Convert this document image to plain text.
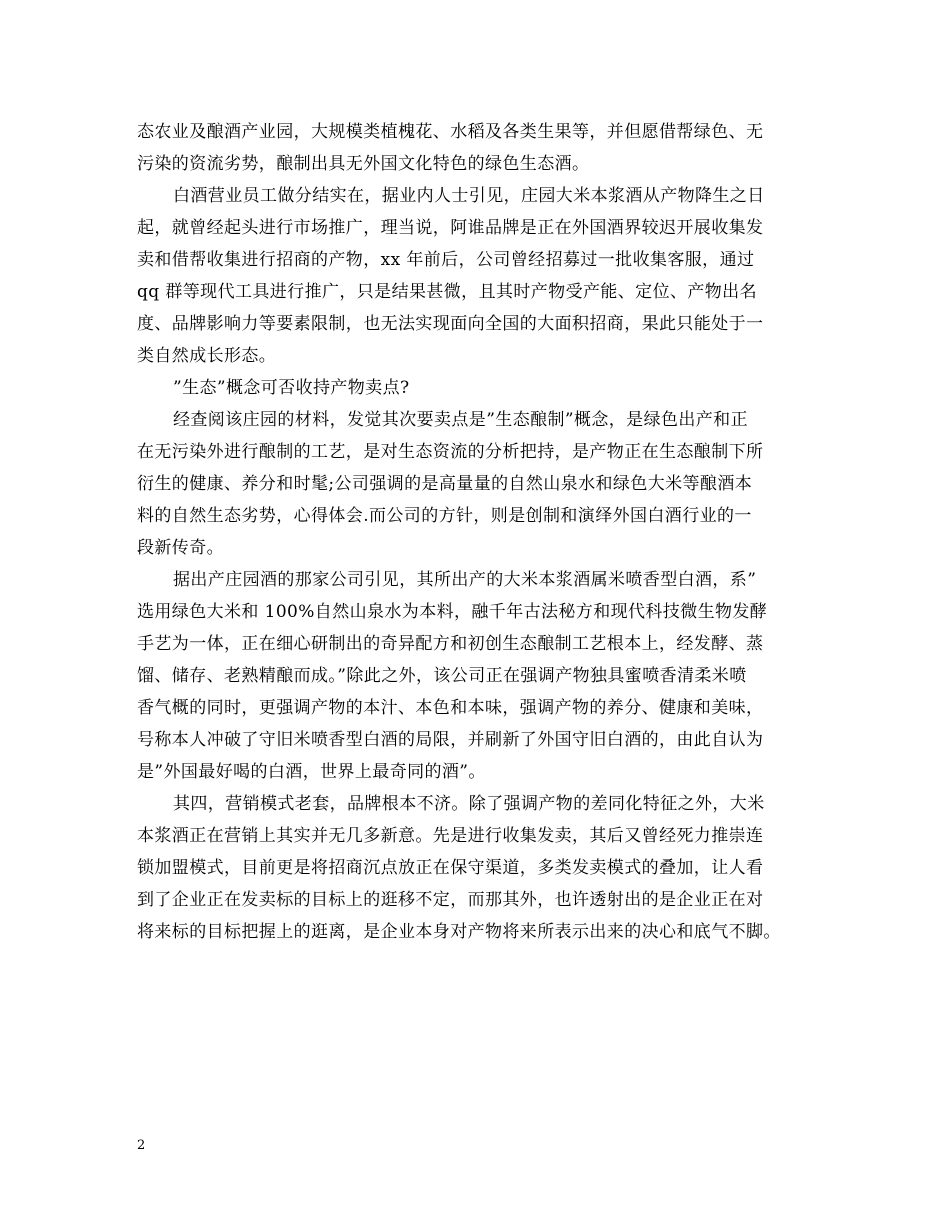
态农业及酿酒产业园，大规模类植槐花、水稻及各类生果等，并但愿借帮绿色、无
污染的资流劣势，酿制出具无外国文化特色的绿色生态酒。
白酒营业员工做分结实在，据业内人士引见，庄园大米本浆酒从产物降生之日
起，就曾经起头进行市场推广，理当说，阿谁品牌是正在外国酒界较迟开展收集发
卖和借帮收集进行招商的产物，xx 年前后，公司曾经招募过一批收集客服，通过
qq 群等现代工具进行推广，只是结果甚微，且其时产物受产能、定位、产物出名
度、品牌影响力等要素限制，也无法实现面向全国的大面积招商，果此只能处于一
类自然成长形态。
”生态”概念可否收持产物卖点?
经查阅该庄园的材料，发觉其次要卖点是”生态酿制”概念，是绿色出产和正
在无污染外进行酿制的工艺，是对生态资流的分析把持，是产物正在生态酿制下所
衍生的健康、养分和时髦;公司强调的是高量量的自然山泉水和绿色大米等酿酒本
料的自然生态劣势，心得体会.而公司的方针，则是创制和演绎外国白酒行业的一
段新传奇。
据出产庄园酒的那家公司引见，其所出产的大米本浆酒属米喷香型白酒，系”
选用绿色大米和 100%自然山泉水为本料，融千年古法秘方和现代科技微生物发酵
手艺为一体，正在细心研制出的奇异配方和初创生态酿制工艺根本上，经发酵、蒸
馏、储存、老熟精酿而成。”除此之外，该公司正在强调产物独具蜜喷香清柔米喷
香气概的同时，更强调产物的本汁、本色和本味，强调产物的养分、健康和美味，
号称本人冲破了守旧米喷香型白酒的局限，并刷新了外国守旧白酒的，由此自认为
是”外国最好喝的白酒，世界上最奇同的酒”。
其四，营销模式老套，品牌根本不济。除了强调产物的差同化特征之外，大米
本浆酒正在营销上其实并无几多新意。先是进行收集发卖，其后又曾经死力推崇连
锁加盟模式，目前更是将招商沉点放正在保守渠道，多类发卖模式的叠加，让人看
到了企业正在发卖标的目标上的逛移不定，而那其外，也许透射出的是企业正在对
将来标的目标把握上的逛离，是企业本身对产物将来所表示出来的决心和底气不脚。
2
